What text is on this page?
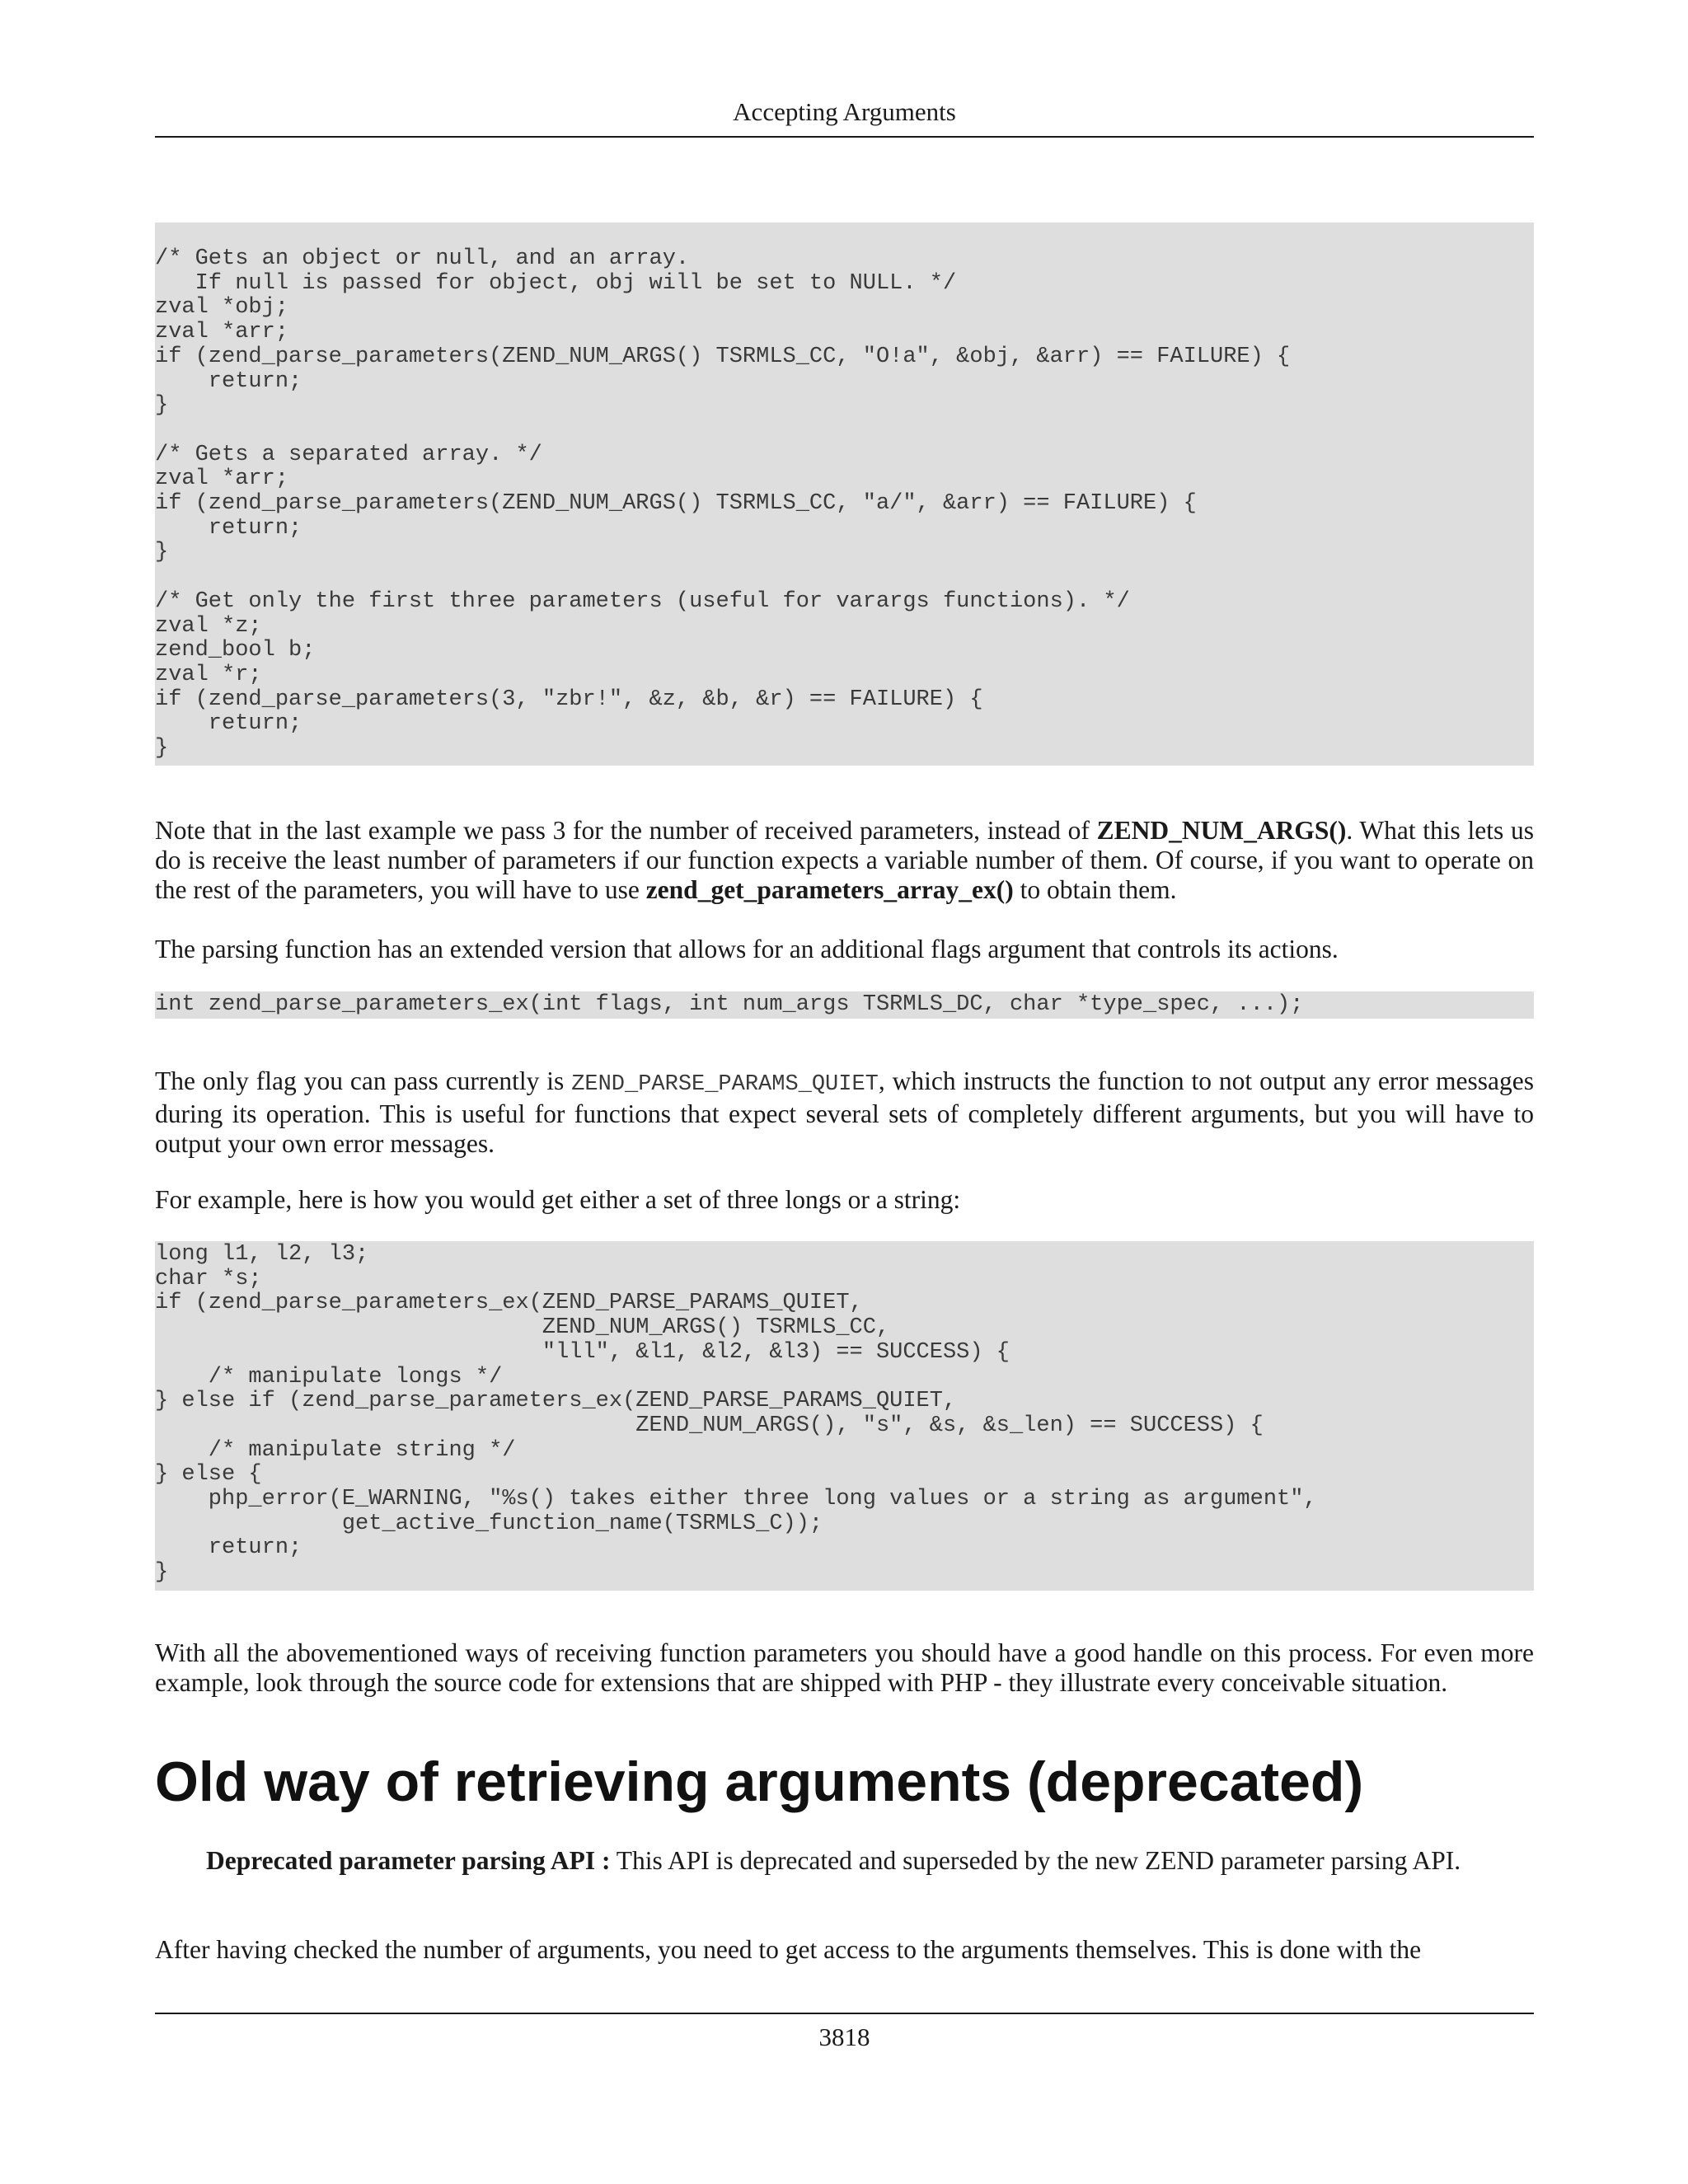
Accepting Arguments
/* Gets an object or null, and an array.
If null is passed for object, obj will be set to NULL. */
zval *obj;
zval *arr;
if (zend_parse_parameters(ZEND_NUM_ARGS() TSRMLS_CC, "O!a", &obj, &arr) == FAILURE) {
return;
}

/* Gets a separated array. */
zval *arr;
if (zend_parse_parameters(ZEND_NUM_ARGS() TSRMLS_CC, "a/", &arr) == FAILURE) {
return;
}

/* Get only the first three parameters (useful for varargs functions). */
zval *z;
zend_bool b;
zval *r;
if (zend_parse_parameters(3, "zbr!", &z, &b, &r) == FAILURE) {
return;
}

Note that in the last example we pass 3 for the number of received parameters, instead of ZEND_NUM_ARGS(). What this lets us do is receive the least number of parameters if our function expects a variable number of them. Of course, if you want to operate on the rest of the parameters, you will have to use zend_get_parameters_array_ex() to obtain them.

The parsing function has an extended version that allows for an additional flags argument that controls its actions.

int zend_parse_parameters_ex(int flags, int num_args TSRMLS_DC, char *type_spec, ...);

The only flag you can pass currently is ZEND_PARSE_PARAMS_QUIET, which instructs the function to not output any error messages during its operation. This is useful for functions that expect several sets of completely different arguments, but you will have to output your own error messages.

For example, here is how you would get either a set of three longs or a string:

long l1, l2, l3;
char *s;
if (zend_parse_parameters_ex(ZEND_PARSE_PARAMS_QUIET,
ZEND_NUM_ARGS() TSRMLS_CC,
"lll", &l1, &l2, &l3) == SUCCESS) {
/* manipulate longs */
} else if (zend_parse_parameters_ex(ZEND_PARSE_PARAMS_QUIET,
ZEND_NUM_ARGS(), "s", &s, &s_len) == SUCCESS) {
/* manipulate string */
} else {
php_error(E_WARNING, "%s() takes either three long values or a string as argument",
get_active_function_name(TSRMLS_C));
return;
}

With all the abovementioned ways of receiving function parameters you should have a good handle on this process. For even more example, look through the source code for extensions that are shipped with PHP - they illustrate every conceivable situation.

Old way of retrieving arguments (deprecated)

Deprecated parameter parsing API : This API is deprecated and superseded by the new ZEND parameter parsing API.

After having checked the number of arguments, you need to get access to the arguments themselves. This is done with the

3818
